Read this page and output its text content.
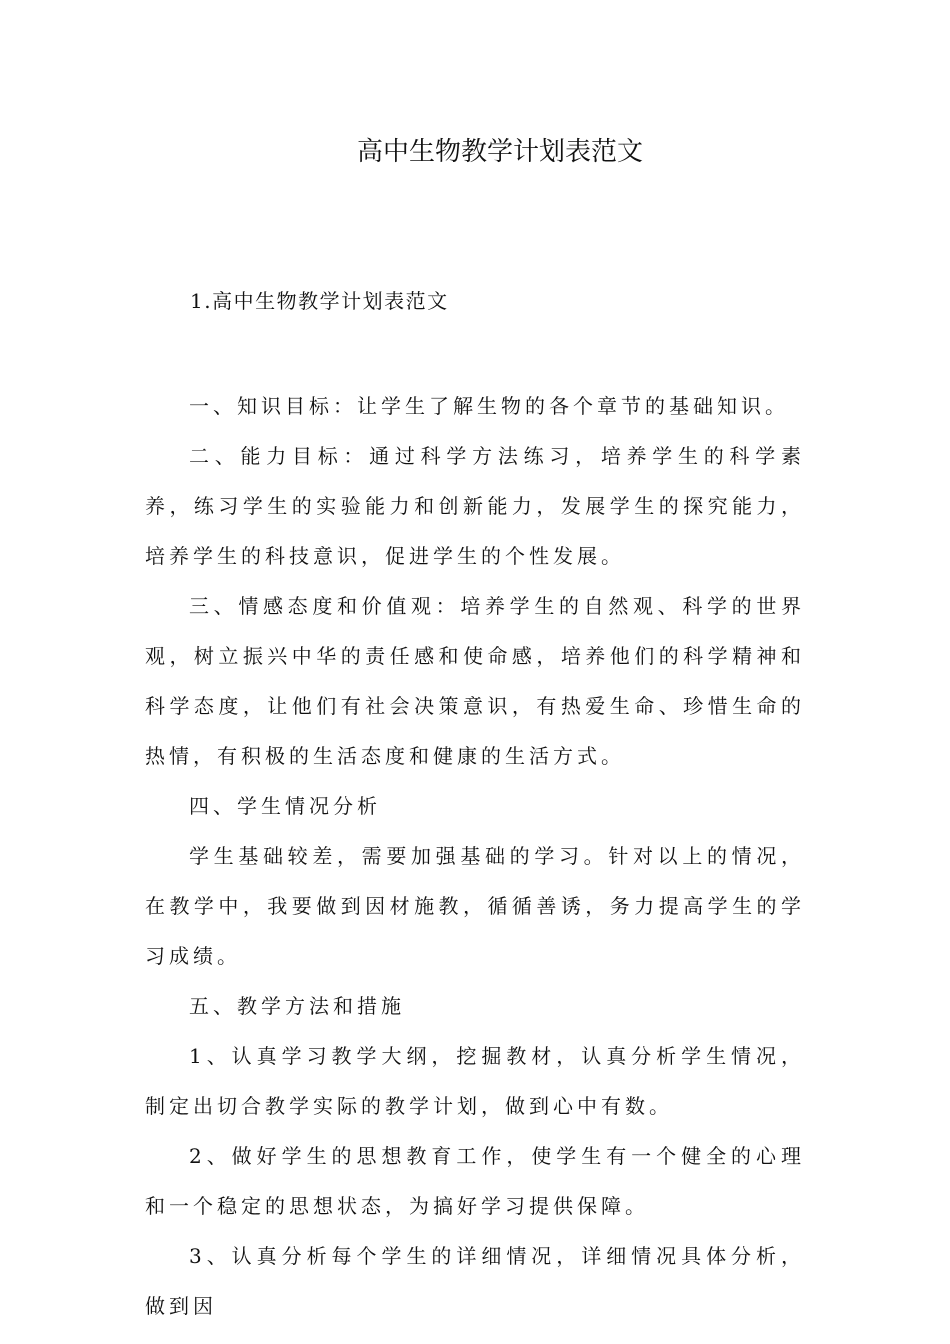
高中生物教学计划表范文
1.高中生物教学计划表范文

一、知识目标：让学生了解生物的各个章节的基础知识。

二、能力目标：通过科学方法练习，培养学生的科学素养，练习学生的实验能力和创新能力，发展学生的探究能力，培养学生的科技意识，促进学生的个性发展。

三、情感态度和价值观：培养学生的自然观、科学的世界观，树立振兴中华的责任感和使命感，培养他们的科学精神和科学态度，让他们有社会决策意识，有热爱生命、珍惜生命的热情，有积极的生活态度和健康的生活方式。

四、学生情况分析

学生基础较差，需要加强基础的学习。针对以上的情况，在教学中，我要做到因材施教，循循善诱，务力提高学生的学习成绩。

五、教学方法和措施

1、认真学习教学大纲，挖掘教材，认真分析学生情况，制定出切合教学实际的教学计划，做到心中有数。

2、做好学生的思想教育工作，使学生有一个健全的心理和一个稳定的思想状态，为搞好学习提供保障。

3、认真分析每个学生的详细情况，详细情况具体分析，做到因
